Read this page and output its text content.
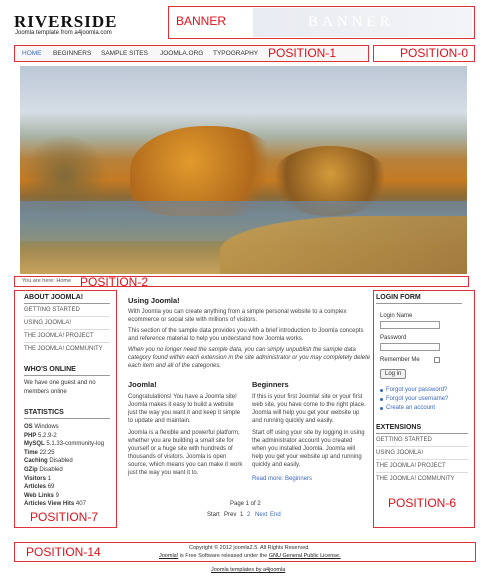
RIVERSIDE
Joomla template from a4joomla.com
BANNER	BANNER
HOME BEGINNERS SAMPLE SITES JOOMLA.ORG TYPOGRAPHY POSITION-1	POSITION-0
You are here: Home POSITION-2
ABOUT JOOMLA!
GETTING STARTED
USING JOOMLA!
THE JOOMLA! PROJECT
THE JOOMLA! COMMUNITY
WHO'S ONLINE
We have one guest and no
members online
STATISTICS
OS Windows
PHP 5.2.9-2
MySQL 5.1.33-community-log
Time 22:25
Caching Disabled
GZip Disabled
Visitors 1
Articles 69
Web Links 9
Articles View Hits 407
POSITION-7
Using Joomla!
With Joomla you can create anything from a simple personal website to a complex
ecommerce or social site with millions of visitors.
This section of the sample data provides you with a brief introduction to Joomla concepts
and reference material to help you understand how Joomla works.
When you no longer need the sample data, you can simply unpublish the sample data
category found within each extension in the site administrator or you may completely delete
each item and all of the categories.
Joomla!
Congratulations! You have a Joomla site!
Joomla makes it easy to build a website
just the way you want it and keep it simple
to update and maintain.
Joomla is a flexible and powerful platform,
whether you are building a small site for
yourself or a huge site with hundreds of
thousands of visitors. Joomla is open
source, which means you can make it work
just the way you want it to.
Beginners
If this is your first Joomla! site or your first
web site, you have come to the right place.
Joomla will help you get your website up
and running quickly and easily.
Start off using your site by logging in using
the administrator account you created
when you installed Joomla. Joomla will
help you get your website up and running
quickly and easily.
Read more: Beginners
Page 1 of 2
Start Prev 1 2 Next End
LOGIN FORM
Login Name
Password
Remember Me
Log in
Forgot your password?
Forgot your username?
Create an account
EXTENSIONS
GETTING STARTED
USING JOOMLA!
THE JOOMLA! PROJECT
THE JOOMLA! COMMUNITY
POSITION-6
POSITION-14	Copyright © 2012 joomla2.5. All Rights Reserved.
Joomla! is Free Software released under the GNU General Public License.
Joomla templates by a4joomla
